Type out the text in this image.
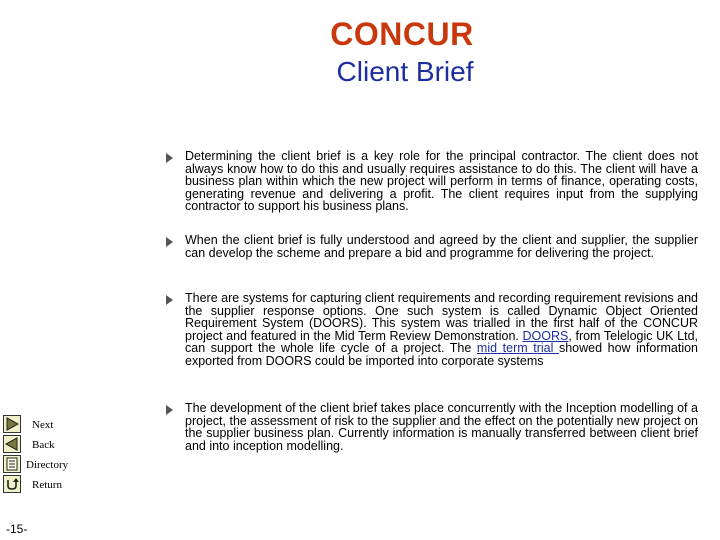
CONCUR
Client Brief
Determining the client brief is a key role for the principal contractor. The client does not always know how to do this and usually requires assistance to do this. The client will have a business plan within which the new project will perform in terms of finance, operating costs, generating revenue and delivering a profit. The client requires input from the supplying contractor to support his business plans.
When the client brief is fully understood and agreed by the client and supplier, the supplier can develop the scheme and prepare a bid and programme for delivering the project.
There are systems for capturing client requirements and recording requirement revisions and the supplier response options. One such system is called Dynamic Object Oriented Requirement System (DOORS). This system was trialled in the first half of the CONCUR project and featured in the Mid Term Review Demonstration. DOORS, from Telelogic UK Ltd, can support the whole life cycle of a project. The mid term trial showed how information exported from DOORS could be imported into corporate systems
The development of the client brief takes place concurrently with the Inception modelling of a project, the assessment of risk to the supplier and the effect on the potentially new project on the supplier business plan. Currently information is manually transferred between client brief and into inception modelling.
Next
Back
Directory
Return
-15-
